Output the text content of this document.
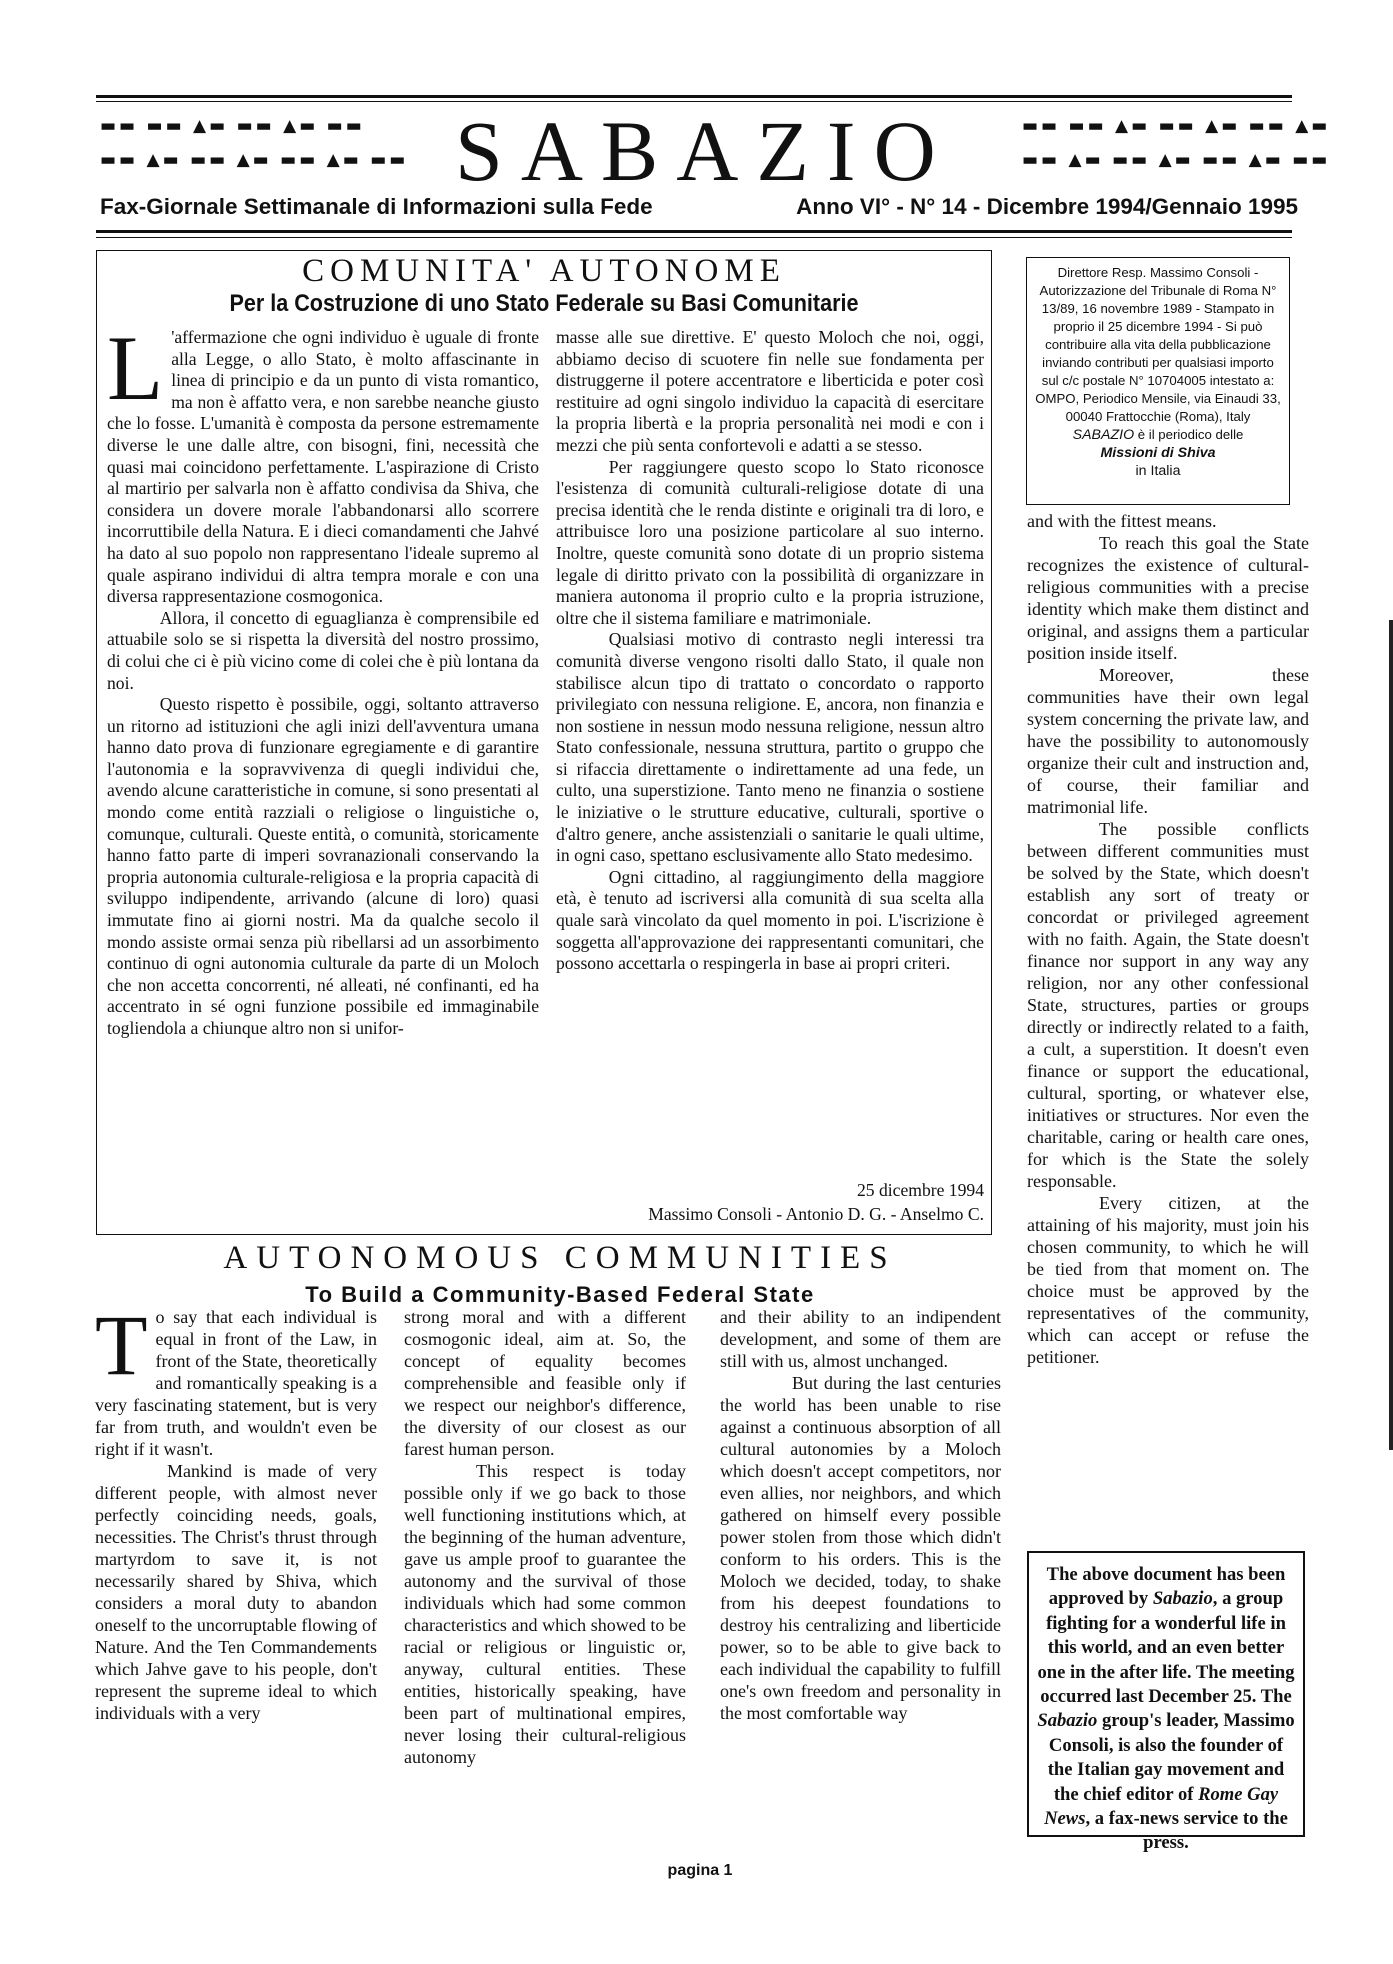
▬▬ ▬▬ ▲▬ ▬▬ ▲▬ ▬▬
▬▬ ▲▬ ▬▬ ▲▬ ▬▬ ▲▬ ▬▬ SABAZIO	▬▬ ▬▬ ▲▬ ▬▬ ▲▬ ▬▬ ▲▬
▬▬ ▲▬ ▬▬ ▲▬ ▬▬ ▲▬ ▬▬
Fax-Giornale Settimanale di Informazioni sulla Fede	Anno VI° - N° 14 - Dicembre 1994/Gennaio 1995
COMUNITA' AUTONOME
Per la Costruzione di uno Stato Federale su Basi Comunitarie
L 'affermazione che ogni individuo è uguale di fronte alla Legge, o allo Stato, è molto affascinante in linea di principio e da un punto di vista romantico, ma non è affatto vera, e non sarebbe neanche giusto che lo fosse. L'umanità è composta da persone estremamente diverse le une dalle altre, con bisogni, fini, necessità che quasi mai coincidono perfettamente. L'aspirazione di Cristo al martirio per salvarla non è affatto condivisa da Shiva, che considera un dovere morale l'abbandonarsi allo scorrere incorruttibile della Natura. E i dieci comandamenti che Jahvé ha dato al suo popolo non rappresentano l'ideale supremo al quale aspirano individui di altra tempra morale e con una diversa rappresentazione cosmogonica.

Allora, il concetto di eguaglianza è comprensibile ed attuabile solo se si rispetta la diversità del nostro prossimo, di colui che ci è più vicino come di colei che è più lontana da noi.

Questo rispetto è possibile, oggi, soltanto attraverso un ritorno ad istituzioni che agli inizi dell'avventura umana hanno dato prova di funzionare egregiamente e di garantire l'autonomia e la sopravvivenza di quegli individui che, avendo alcune caratteristiche in comune, si sono presentati al mondo come entità razziali o religiose o linguistiche o, comunque, culturali. Queste entità, o comunità, storicamente hanno fatto parte di imperi sovranazionali conservando la propria autonomia culturale-religiosa e la propria capacità di sviluppo indipendente, arrivando (alcune di loro) quasi immutate fino ai giorni nostri. Ma da qualche secolo il mondo assiste ormai senza più ribellarsi ad un assorbimento continuo di ogni autonomia culturale da parte di un Moloch che non accetta concorrenti, né alleati, né confinanti, ed ha accentrato in sé ogni funzione possibile ed immaginabile togliendola a chiunque altro non si unifor-

masse alle sue direttive. E' questo Moloch che noi, oggi, abbiamo deciso di scuotere fin nelle sue fondamenta per distruggerne il potere accentratore e liberticida e poter così restituire ad ogni singolo individuo la capacità di esercitare la propria libertà e la propria personalità nei modi e con i mezzi che più senta confortevoli e adatti a se stesso.

Per raggiungere questo scopo lo Stato riconosce l'esistenza di comunità culturali-religiose dotate di una precisa identità che le renda distinte e originali tra di loro, e attribuisce loro una posizione particolare al suo interno. Inoltre, queste comunità sono dotate di un proprio sistema legale di diritto privato con la possibilità di organizzare in maniera autonoma il proprio culto e la propria istruzione, oltre che il sistema familiare e matrimoniale.

Qualsiasi motivo di contrasto negli interessi tra comunità diverse vengono risolti dallo Stato, il quale non stabilisce alcun tipo di trattato o concordato o rapporto privilegiato con nessuna religione. E, ancora, non finanzia e non sostiene in nessun modo nessuna religione, nessun altro Stato confessionale, nessuna struttura, partito o gruppo che si rifaccia direttamente o indirettamente ad una fede, un culto, una superstizione. Tanto meno ne finanzia o sostiene le iniziative o le strutture educative, culturali, sportive o d'altro genere, anche assistenziali o sanitarie le quali ultime, in ogni caso, spettano esclusivamente allo Stato medesimo.

Ogni cittadino, al raggiungimento della maggiore età, è tenuto ad iscriversi alla comunità di sua scelta alla quale sarà vincolato da quel momento in poi. L'iscrizione è soggetta all'approvazione dei rappresentanti comunitari, che possono accettarla o respingerla in base ai propri criteri.

25 dicembre 1994
Massimo Consoli - Antonio D. G. - Anselmo C.
Direttore Resp. Massimo Consoli - Autorizzazione del Tribunale di Roma N° 13/89, 16 novembre 1989 - Stampato in proprio il 25 dicembre 1994 - Si può contribuire alla vita della pubblicazione inviando contributi per qualsiasi importo sul c/c postale N° 10704005 intestato a: OMPO, Periodico Mensile, via Einaudi 33, 00040 Frattocchie (Roma), Italy
SABAZIO è il periodico delle
Missioni di Shiva
in Italia
AUTONOMOUS COMMUNITIES
To Build a Community-Based Federal State
T o say that each individual is equal in front of the Law, in front of the State, theoretically and romantically speaking is a very fascinating statement, but is very far from truth, and wouldn't even be right if it wasn't.

Mankind is made of very different people, with almost never perfectly coinciding needs, goals, necessities. The Christ's thrust through martyrdom to save it, is not necessarily shared by Shiva, which considers a moral duty to abandon oneself to the uncorruptable flowing of Nature. And the Ten Commandements which Jahve gave to his people, don't represent the supreme ideal to which individuals with a very

strong moral and with a different cosmogonic ideal, aim at. So, the concept of equality becomes comprehensible and feasible only if we respect our neighbor's difference, the diversity of our closest as our farest human person.

This respect is today possible only if we go back to those well functioning institutions which, at the beginning of the human adventure, gave us ample proof to guarantee the autonomy and the survival of those individuals which had some common characteristics and which showed to be racial or religious or linguistic or, anyway, cultural entities. These entities, historically speaking, have been part of multinational empires, never losing their cultural-religious autonomy

and their ability to an indipendent development, and some of them are still with us, almost unchanged.

But during the last centuries the world has been unable to rise against a continuous absorption of all cultural autonomies by a Moloch which doesn't accept competitors, nor even allies, nor neighbors, and which gathered on himself every possible power stolen from those which didn't conform to his orders. This is the Moloch we decided, today, to shake from his deepest foundations to destroy his centralizing and liberticide power, so to be able to give back to each individual the capability to fulfill one's own freedom and personality in the most comfortable way

and with the fittest means.

To reach this goal the State recognizes the existence of cultural-religious communities with a precise identity which make them distinct and original, and assigns them a particular position inside itself.

Moreover, these communities have their own legal system concerning the private law, and have the possibility to autonomously organize their cult and instruction and, of course, their familiar and matrimonial life.

The possible conflicts between different communities must be solved by the State, which doesn't establish any sort of treaty or concordat or privileged agreement with no faith. Again, the State doesn't finance nor support in any way any religion, nor any other confessional State, structures, parties or groups directly or indirectly related to a faith, a cult, a superstition. It doesn't even finance or support the educational, cultural, sporting, or whatever else, initiatives or structures. Nor even the charitable, caring or health care ones, for which is the State the solely responsable.

Every citizen, at the attaining of his majority, must join his chosen community, to which he will be tied from that moment on. The choice must be approved by the representatives of the community, which can accept or refuse the petitioner.

The above document has been approved by Sabazio, a group fighting for a wonderful life in this world, and an even better one in the after life. The meeting occurred last December 25. The Sabazio group's leader, Massimo Consoli, is also the founder of the Italian gay movement and the chief editor of Rome Gay News, a fax-news service to the press.
pagina 1
